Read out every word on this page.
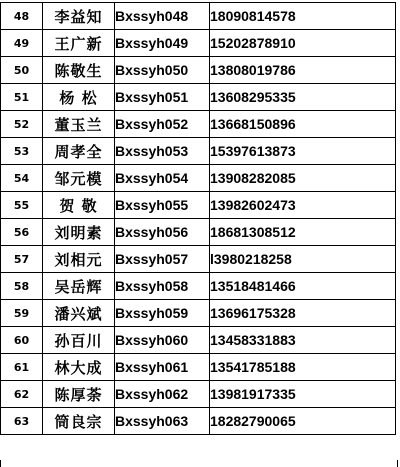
48	李益知	Bxssyh048	18090814578
49	王广新	Bxssyh049	15202878910
50	陈敬生	Bxssyh050	13808019786
51	杨 松	Bxssyh051	13608295335
52	董玉兰	Bxssyh052	13668150896
53	周孝全	Bxssyh053	15397613873
54	邹元模	Bxssyh054	13908282085
55	贺 敬	Bxssyh055	13982602473
56	刘明素	Bxssyh056	18681308512
57	刘相元	Bxssyh057	l3980218258
58	吴岳辉	Bxssyh058	13518481466
59	潘兴斌	Bxssyh059	13696175328
60	孙百川	Bxssyh060	13458331883
61	林大成	Bxssyh061	13541785188
62	陈厚荼	Bxssyh062	13981917335
63	筒良宗	Bxssyh063	18282790065
